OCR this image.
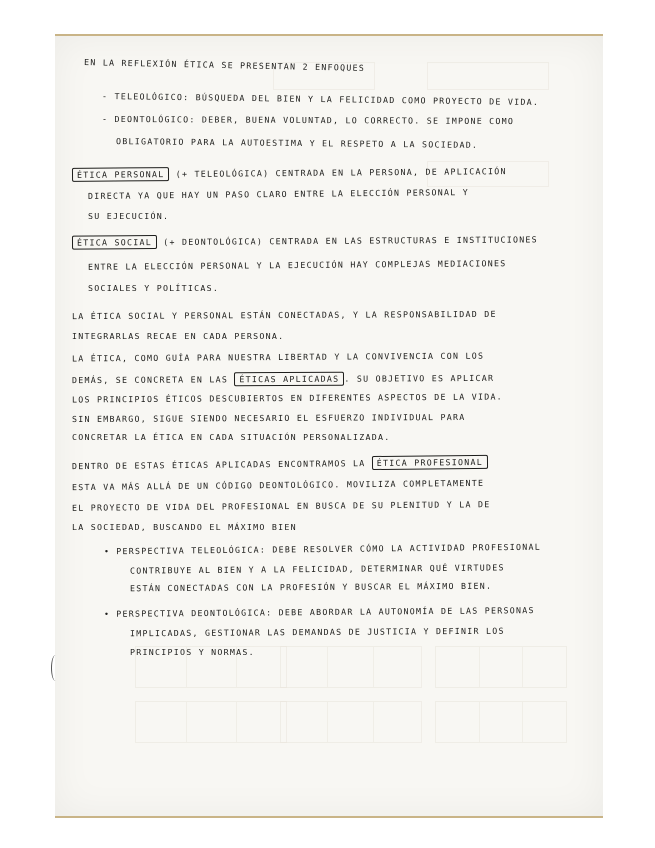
EN LA REFLEXIÓN ÉTICA SE PRESENTAN 2 ENFOQUES
- TELEOLÓGICO: BÚSQUEDA DEL BIEN Y LA FELICIDAD COMO PROYECTO DE VIDA.
- DEONTOLÓGICO: DEBER, BUENA VOLUNTAD, LO CORRECTO. SE IMPONE COMO
OBLIGATORIO PARA LA AUTOESTIMA Y EL RESPETO A LA SOCIEDAD.
ÉTICA PERSONAL (+ TELEOLÓGICA) CENTRADA EN LA PERSONA, DE APLICACIÓN
DIRECTA YA QUE HAY UN PASO CLARO ENTRE LA ELECCIÓN PERSONAL Y
SU EJECUCIÓN.
ÉTICA SOCIAL (+ DEONTOLÓGICA) CENTRADA EN LAS ESTRUCTURAS E INSTITUCIONES
ENTRE LA ELECCIÓN PERSONAL Y LA EJECUCIÓN HAY COMPLEJAS MEDIACIONES
SOCIALES Y POLÍTICAS.
LA ÉTICA SOCIAL Y PERSONAL ESTÁN CONECTADAS, Y LA RESPONSABILIDAD DE
INTEGRARLAS RECAE EN CADA PERSONA.
LA ÉTICA, COMO GUÍA PARA NUESTRA LIBERTAD Y LA CONVIVENCIA CON LOS
DEMÁS, SE CONCRETA EN LAS ÉTICAS APLICADAS . SU OBJETIVO ES APLICAR
LOS PRINCIPIOS ÉTICOS DESCUBIERTOS EN DIFERENTES ASPECTOS DE LA VIDA.
SIN EMBARGO, SIGUE SIENDO NECESARIO EL ESFUERZO INDIVIDUAL PARA
CONCRETAR LA ÉTICA EN CADA SITUACIÓN PERSONALIZADA.
DENTRO DE ESTAS ÉTICAS APLICADAS ENCONTRAMOS LA ÉTICA PROFESIONAL
ESTA VA MÁS ALLÁ DE UN CÓDIGO DEONTOLÓGICO. MOVILIZA COMPLETAMENTE
EL PROYECTO DE VIDA DEL PROFESIONAL EN BUSCA DE SU PLENITUD Y LA DE
LA SOCIEDAD, BUSCANDO EL MÁXIMO BIEN
• PERSPECTIVA TELEOLÓGICA: DEBE RESOLVER CÓMO LA ACTIVIDAD PROFESIONAL
CONTRIBUYE AL BIEN Y A LA FELICIDAD, DETERMINAR QUÉ VIRTUDES
ESTÁN CONECTADAS CON LA PROFESIÓN Y BUSCAR EL MÁXIMO BIEN.
• PERSPECTIVA DEONTOLÓGICA: DEBE ABORDAR LA AUTONOMÍA DE LAS PERSONAS
IMPLICADAS, GESTIONAR LAS DEMANDAS DE JUSTICIA Y DEFINIR LOS
PRINCIPIOS Y NORMAS.
